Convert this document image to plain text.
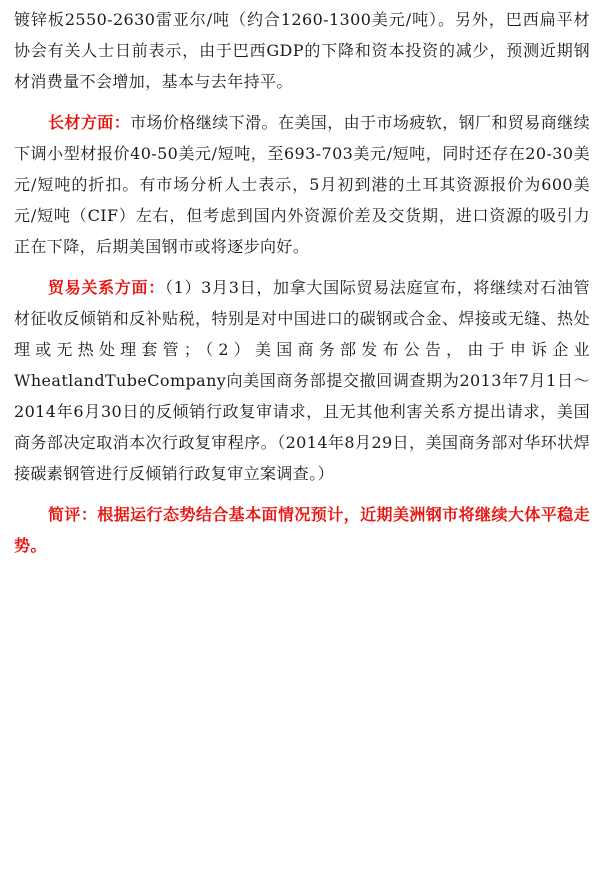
镀锌板2550-2630雷亚尔/吨（约合1260-1300美元/吨）。另外，巴西扁平材协会有关人士日前表示，由于巴西GDP的下降和资本投资的减少，预测近期钢材消费量不会增加，基本与去年持平。

长材方面：市场价格继续下滑。在美国，由于市场疲软，钢厂和贸易商继续下调小型材报价40-50美元/短吨，至693-703美元/短吨，同时还存在20-30美元/短吨的折扣。有市场分析人士表示，5月初到港的土耳其资源报价为600美元/短吨（CIF）左右，但考虑到国内外资源价差及交货期，进口资源的吸引力正在下降，后期美国钢市或将逐步向好。

贸易关系方面：（1）3月3日，加拿大国际贸易法庭宣布，将继续对石油管材征收反倾销和反补贴税，特别是对中国进口的碳钢或合金、焊接或无缝、热处理或无热处理套管；（2）美国商务部发布公告，由于申诉企业WheatlandTubeCompany向美国商务部提交撤回调查期为2013年7月1日～2014年6月30日的反倾销行政复审请求，且无其他利害关系方提出请求，美国商务部决定取消本次行政复审程序。（2014年8月29日，美国商务部对华环状焊接碳素钢管进行反倾销行政复审立案调查。）

简评：根据运行态势结合基本面情况预计，近期美洲钢市将继续大体平稳走势。
